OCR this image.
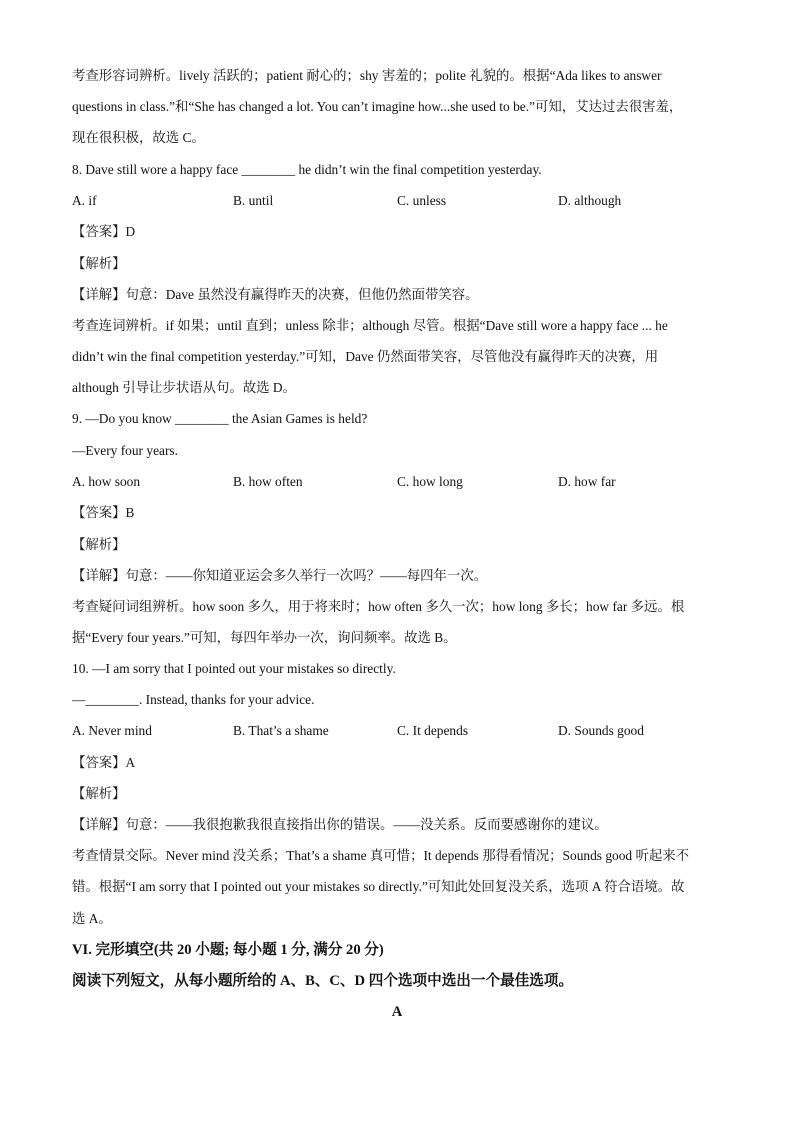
考查形容词辨析。lively 活跃的；patient 耐心的；shy 害羞的；polite 礼貌的。根据“Ada likes to answer
questions in class.”和“She has changed a lot. You can’t imagine how...she used to be.”可知，艾达过去很害羞，
现在很积极，故选 C。
8. Dave still wore a happy face ________ he didn’t win the final competition yesterday.
A. if	B. until	C. unless	D. although
【答案】D
【解析】
【详解】句意：Dave 虽然没有赢得昨天的决赛，但他仍然面带笑容。
考查连词辨析。if 如果；until 直到；unless 除非；although 尽管。根据“Dave still wore a happy face ... he
didn’t win the final competition yesterday.”可知，Dave 仍然面带笑容，尽管他没有赢得昨天的决赛，用
although 引导让步状语从句。故选 D。
9. —Do you know ________ the Asian Games is held?
—Every four years.
A. how soon	B. how often	C. how long	D. how far
【答案】B
【解析】
【详解】句意：——你知道亚运会多久举行一次吗？——每四年一次。
考查疑问词组辨析。how soon 多久，用于将来时；how often 多久一次；how long 多长；how far 多远。根
据“Every four years.”可知，每四年举办一次，询问频率。故选 B。
10. —I am sorry that I pointed out your mistakes so directly.
—________. Instead, thanks for your advice.
A. Never mind	B. That’s a shame	C. It depends	D. Sounds good
【答案】A
【解析】
【详解】句意：——我很抱歉我很直接指出你的错误。——没关系。反而要感谢你的建议。
考查情景交际。Never mind 没关系；That’s a shame 真可惜；It depends 那得看情况；Sounds good 听起来不
错。根据“I am sorry that I pointed out your mistakes so directly.”可知此处回复没关系，选项 A 符合语境。故
选 A。
VI. 完形填空(共 20 小题; 每小题 1 分, 满分 20 分)
阅读下列短文，从每小题所给的 A、B、C、D 四个选项中选出一个最佳选项。
A
